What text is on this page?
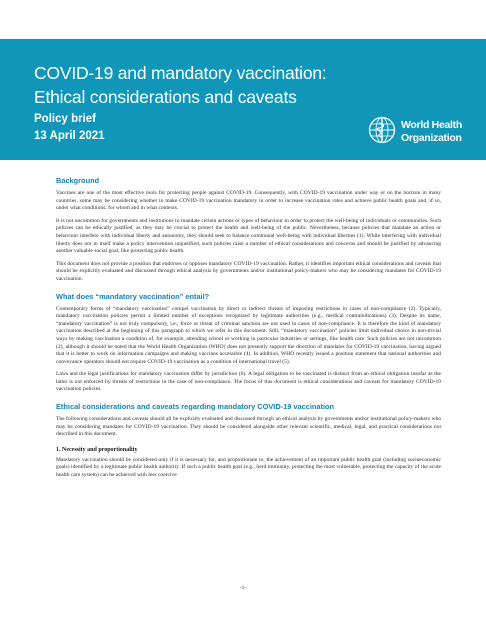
COVID-19 and mandatory vaccination:
Ethical considerations and caveats
Policy brief
13 April 2021
World Health
Organization
Background

Vaccines are one of the most effective tools for protecting people against COVID-19. Consequently, with COVID-19 vaccination under way or on the horizon in many countries, some may be considering whether to make COVID-19 vaccination mandatory in order to increase vaccination rates and achieve public health goals and, if so, under what conditions, for whom and in what contexts.

It is not uncommon for governments and institutions to mandate certain actions or types of behaviour in order to protect the well-being of individuals or communities. Such policies can be ethically justified, as they may be crucial to protect the health and well-being of the public. Nevertheless, because policies that mandate an action or behaviour interfere with individual liberty and autonomy, they should seek to balance communal well-being with individual liberties (1). While interfering with individual liberty does not in itself make a policy intervention unjustified, such policies raise a number of ethical considerations and concerns and should be justified by advancing another valuable social goal, like protecting public health.

This document does not provide a position that endorses or opposes mandatory COVID-19 vaccination. Rather, it identifies important ethical considerations and caveats that should be explicitly evaluated and discussed through ethical analysis by governments and/or institutional policy-makers who may be considering mandates for COVID-19 vaccination.

What does “mandatory vaccination” entail?

Contemporary forms of “mandatory vaccination” compel vaccination by direct or indirect threats of imposing restrictions in cases of non-compliance (2). Typically, mandatory vaccination policies permit a limited number of exceptions recognized by legitimate authorities (e.g., medical contraindications) (3). Despite its name, “mandatory vaccination” is not truly compulsory, i.e., force or threat of criminal sanction are not used in cases of non-compliance. It is therefore the kind of mandatory vaccination described at the beginning of this paragraph to which we refer in this document. Still, “mandatory vaccination” policies limit individual choice in non-trivial ways by making vaccination a condition of, for example, attending school or working in particular industries or settings, like health care. Such policies are not uncommon (2), although it should be noted that the World Health Organization (WHO) does not presently support the direction of mandates for COVID-19 vaccination, having argued that it is better to work on information campaigns and making vaccines accessible (4). In addition, WHO recently issued a position statement that national authorities and conveyance operators should not require COVID-19 vaccination as a condition of international travel (5).

Laws and the legal justifications for mandatory vaccination differ by jurisdiction (6). A legal obligation to be vaccinated is distinct from an ethical obligation insofar as the latter is not enforced by threats of restrictions in the case of non-compliance. The focus of this document is ethical considerations and caveats for mandatory COVID-19 vaccination policies.

Ethical considerations and caveats regarding mandatory COVID-19 vaccination

The following considerations and caveats should all be explicitly evaluated and discussed through an ethical analysis by governments and/or institutional policy-makers who may be considering mandates for COVID-19 vaccination. They should be considered alongside other relevant scientific, medical, legal, and practical considerations not described in this document.

1. Necessity and proportionality

Mandatory vaccination should be considered only if it is necessary for, and proportionate to, the achievement of an important public health goal (including socioeconomic goals) identified by a legitimate public health authority. If such a public health goal (e.g., herd immunity, protecting the most vulnerable, protecting the capacity of the acute health care system) can be achieved with less coercive

-1-
